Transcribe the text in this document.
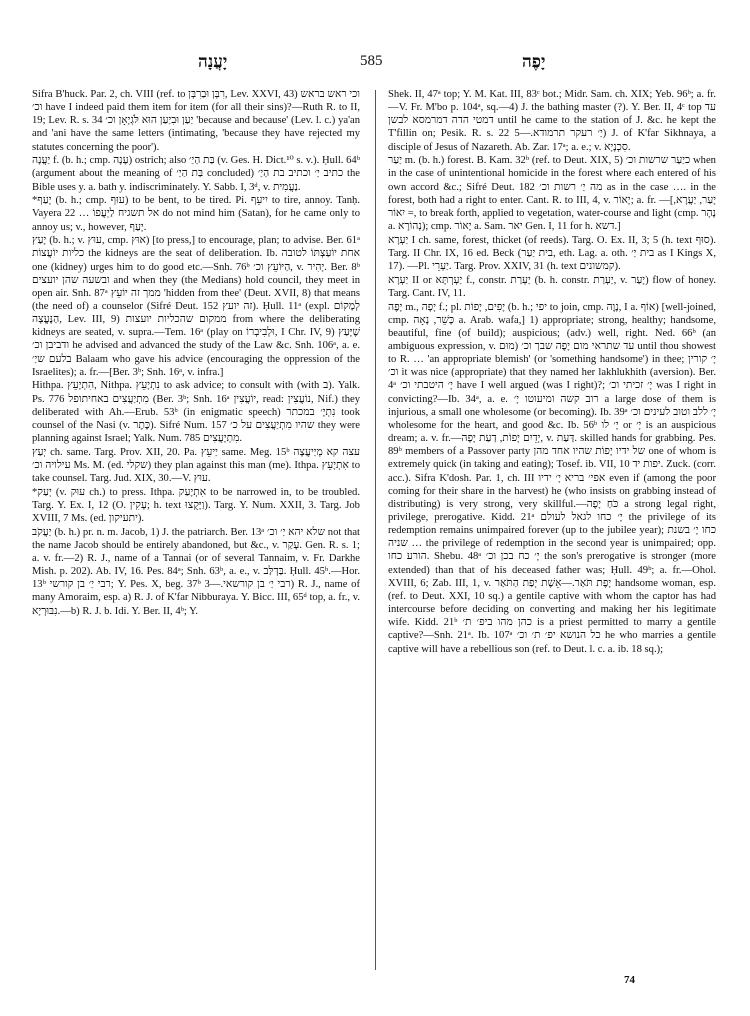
יָעֲנָה	585	יָפֶה

Sifra B'huck. Par. 2, ch. VIII (ref. to רִבְּן וּבַרִבְּן, Lev. XXVI, 43) וכי ראש בראש וכ׳ have I indeed paid them item for item (for all their sins)?—Ruth R. to II, 19; Lev. R. s. 34 יַעַן וּבִיַעַן הוּא לֹּגְיָאָן וכ׳ 'because and because' (Lev. l. c.) ya'an and 'ani have the same letters (intimating, 'because they have rejected my statutes concerning the poor').

יַעֲנָה f. (b. h.; cmp. עָנָה) ostrich; also בַּת הַיַ׳ (v. Ges. H. Dict.¹⁰ s. v.). Ḥull. 64ᵇ (argument about the meaning of בַּת הַיַ׳ concluded) כתיב יַ׳ וכתיב בת הַיַ׳ the Bible uses y. a. bath y. indiscriminately. Y. Sabb. I, 3ᵈ, v. נַעֲמִית.

*יָעַף (b. h.; cmp. עוּף) to be bent, to be tired. Pi. יִיעֵף to tire, annoy. Tanḥ. Vayera 22 … אל תשגיח לַיְעֲפוֹ do not mind him (Satan), for he came only to annoy us; v., however, יָעַף.

יָעַץ (b. h.; v. עוּץ, cmp. אוּץ) [to press,] to encourage, plan; to advise. Ber. 61ᵃ כליות יוֹעֲצוֹת the kidneys are the seat of deliberation. Ib. אחת יוֹעַצְתּוֹ לטובה one (kidney) urges him to do good etc.—Snh. 76ᵇ הַיּוֹעֵץ וכ׳, v. יָהִיר. Ber. 8ᵇ ובשעה שהן יועצים and when they (the Medians) hold council, they meet in open air. Snh. 87ᵃ ממך זה יוֹעֵץ 'hidden from thee' (Deut. XVII, 8) that means (the need of) a counselor (Sifré Deut. 152 זה יועץ). Ḥull. 11ᵃ (expl. לְמָקוֹם הַנֶּעֱצָה, Lev. III, 9) ממקום שהכליות יועצות from where the deliberating kidneys are seated, v. supra.—Tem. 16ᵃ (play on וּלְבִיבְרוֹ, I Chr. IV, 9) שֶׁיָּעַץ ודביבן וכ׳ he advised and advanced the study of the Law &c. Snh. 106ᵃ, a. e. בלעם שיַ׳ Balaam who gave his advice (encouraging the oppression of the Israelites); a. fr.—[Ber. 3ᵇ; Snh. 16ᵃ, v. infra.]

Hithpa. הִתְיָעֵץ, Nithpa. נִתְיָעֵץ to ask advice; to consult with (with ב). Yalk. Ps. 776 מִתְיַעֲצִים באחיתופל (Ber. 3ᵇ; Snh. 16ᵃ יוֹעֲצִין, read: נוֹעֲצִין, Nif.) they deliberated with Ah.—Erub. 53ᵇ (in enigmatic speech) נִתְיָ׳ במכתר took counsel of the Nasi (v. כֶּתֶר). Sifré Num. 157 שהיו מִתְיַעֲצִים על כ׳ they were planning against Israel; Yalk. Num. 785 מִתְיָעֲצִים.

יְעַץ ch. same. Targ. Prov. XII, 20. Pa. יַיעֵץ same. Meg. 15ᵇ עצה קא מְיַיעֲצָה עילויה וכ׳ Ms. M. (ed. שקלי) they plan against this man (me). Ithpa. אִתְיָעֵץ to take counsel. Targ. Jud. XIX, 30.—V. עוּץ.

*יְעַק (v. עוּק ch.) to press. Ithpa. אִתְיָעַק to be narrowed in, to be troubled. Targ. Y. Ex. I, 12 (O. עָקִין; h. text וַיָּקֻצוּ). Targ. Y. Num. XXII, 3. Targ. Job XVIII, 7 Ms. (ed. יתעיקון).

יַעֲקֹב (b. h.) pr. n. m. Jacob, 1) J. the patriarch. Ber. 13ᵃ שלא יהא יַ׳ וכ׳ not that the name Jacob should be entirely abandoned, but &c., v. עָקַר. Gen. R. s. 1; a. v. fr.—2) R. J., name of a Tannai (or of several Tannaim, v. Fr. Darkhe Mish. p. 202). Ab. IV, 16. Pes. 84ᵃ; Snh. 63ᵇ, a. e., v. בַּדְלַּב. Ḥull. 45ᵇ.—Hor. 13ᵇ רבי יַ׳ בן קורשי; Y. Pes. X, beg. 37ᵇ רבי יַ׳ בן קורשאי.—3) R. J., name of many Amoraim, esp. a) R. J. of K'far Nibburaya. Y. Bicc. III, 65ᵈ top, a. fr., v. נִבּוּרְיָא.—b) R. J. b. Idi. Y. Ber. II, 4ᵇ; Y.

Shek. II, 47ᵃ top; Y. M. Kat. III, 83ᶜ bot.; Midr. Sam. ch. XIX; Yeb. 96ᵇ; a. fr.—V. Fr. M'bo p. 104ᵃ, sq.—4) J. the bathing master (?). Y. Ber. II, 4ᶜ top עד דמטי הדה דמרמסא לבשן until he came to the station of J. &c. he kept the T'fillin on; Pesik. R. s. 22 יַ׳ רעקר תרמודא.—5) J. of K'far Sikhnaya, a disciple of Jesus of Nazareth. Ab. Zar. 17ᵃ; a. e.; v. סִכְנָיָא.

יַעַר m. (b. h.) forest. B. Kam. 32ᵇ (ref. to Deut. XIX, 5) כיַעַר שרשות וכ׳ when in the case of unintentional homicide in the forest where each entered of his own accord &c.; Sifré Deut. 182 מה יַ׳ רשות וכ׳ as in the case …. in the forest, both had a right to enter. Cant. R. to III, 4, v. יָאוֹר; a. fr. —[יָעַר, יַעֲרָא, = יִאוֹר, to break forth, applied to vegetation, water-course and light (cmp. נָהָר a. נְהוֹרָא); cmp. יָאוֹר a. Sam. יאר Gen. I, 11 for h. דשא.]

יַעְרָא I ch. same, forest, thicket (of reeds). Targ. O. Ex. II, 3; 5 (h. text סוּף). Targ. II Chr. IX, 16 ed. Beck (בית יַעַר, eth. Lag. a. oth. בית יַ׳ as I Kings X, 17). —Pl. יַעְרֵי. Targ. Prov. XXIV, 31 (h. text קמשונים).

יַעְרָא II or יַעְרְתָּא f., constr. יַעְרַת (b. h. constr. יַעְרַת, v. יָעַר) flow of honey. Targ. Cant. IV, 11.

יָפֶה m., יָפָה f.; pl. יָפִים, יָפוֹת (b. h.; יפי to join, cmp. נָוֶה, I a. אוֹף) [well-joined, cmp. כָּשֵׁר, נָאָה a. Arab. wafa,] 1) appropriate; strong, healthy; handsome, beautiful, fine (of build); auspicious; (adv.) well, right. Ned. 66ᵇ (an ambiguous expression, v. מוּם) עד שתראי מום יָפֶה שבך וכ׳ until thou showest to R. … 'an appropriate blemish' (or 'something handsome') in thee; יָ׳ קורין וכ׳ it was nice (appropriate) that they named her lakhlukhith (aversion). Ber. 4ᵃ יָ׳ היטבתי וכ׳ have I well argued (was I right)?; יָ׳ זכיתי וכ׳ was I right in convicting?—Ib. 34ᵃ, a. e. רוב קשה ומיעוטו יָ׳ a large dose of them is injurious, a small one wholesome (or becoming). Ib. 39ᵃ יָ׳ ללב וטוב לעינים וכ׳ wholesome for the heart, and good &c. Ib. 56ᵇ יָ׳ לו or יָ׳ is an auspicious dream; a. v. fr.—יְדֵיִם יָפוֹת, דַעַת יָפָה, v. דַּעַת. skilled hands for grabbing. Pes. 89ᵇ members of a Passover party של ידיו יָפוֹת שהיו אחד מהן one of whom is extremely quick (in taking and eating); Tosef. ib. VII, 10 יפות יד. Zuck. (corr. acc.). Sifra K'dosh. Par. 1, ch. III אפי׳ בריא יָ׳ ידיו even if (among the poor coming for their share in the harvest) he (who insists on grabbing instead of distributing) is very strong, very skillful.—כֹּחַ יָפֶה a strong legal right, privilege, prerogative. Kidd. 21ᵃ יָ׳ כחו לגאל לעולם the privilege of its redemption remains unimpaired forever (up to the jubilee year); כחו יָ׳ בשנת שניה … the privilege of redemption in the second year is unimpaired; opp. הורע כחו. Shebu. 48ᵃ יָ׳ כח בכן וכ׳ the son's prerogative is stronger (more extended) than that of his deceased father was; Ḥull. 49ᵇ; a. fr.—Ohol. XVIII, 6; Zab. III, 1, v. יָפֶת תֹּאַר.—אֵשֶׁת יְפַת הַתֹּאַר handsome woman, esp. (ref. to Deut. XXI, 10 sq.) a gentile captive with whom the captor has had intercourse before deciding on converting and making her his legitimate wife. Kidd. 21ᵇ כהן מהו ביפ׳ ת׳ is a priest permitted to marry a gentile captive?—Snh. 21ᵃ. Ib. 107ᵃ כל הנושא יפ׳ ת׳ וכ׳ he who marries a gentile captive will have a rebellious son (ref. to Deut. l. c. a. ib. 18 sq.);

74
